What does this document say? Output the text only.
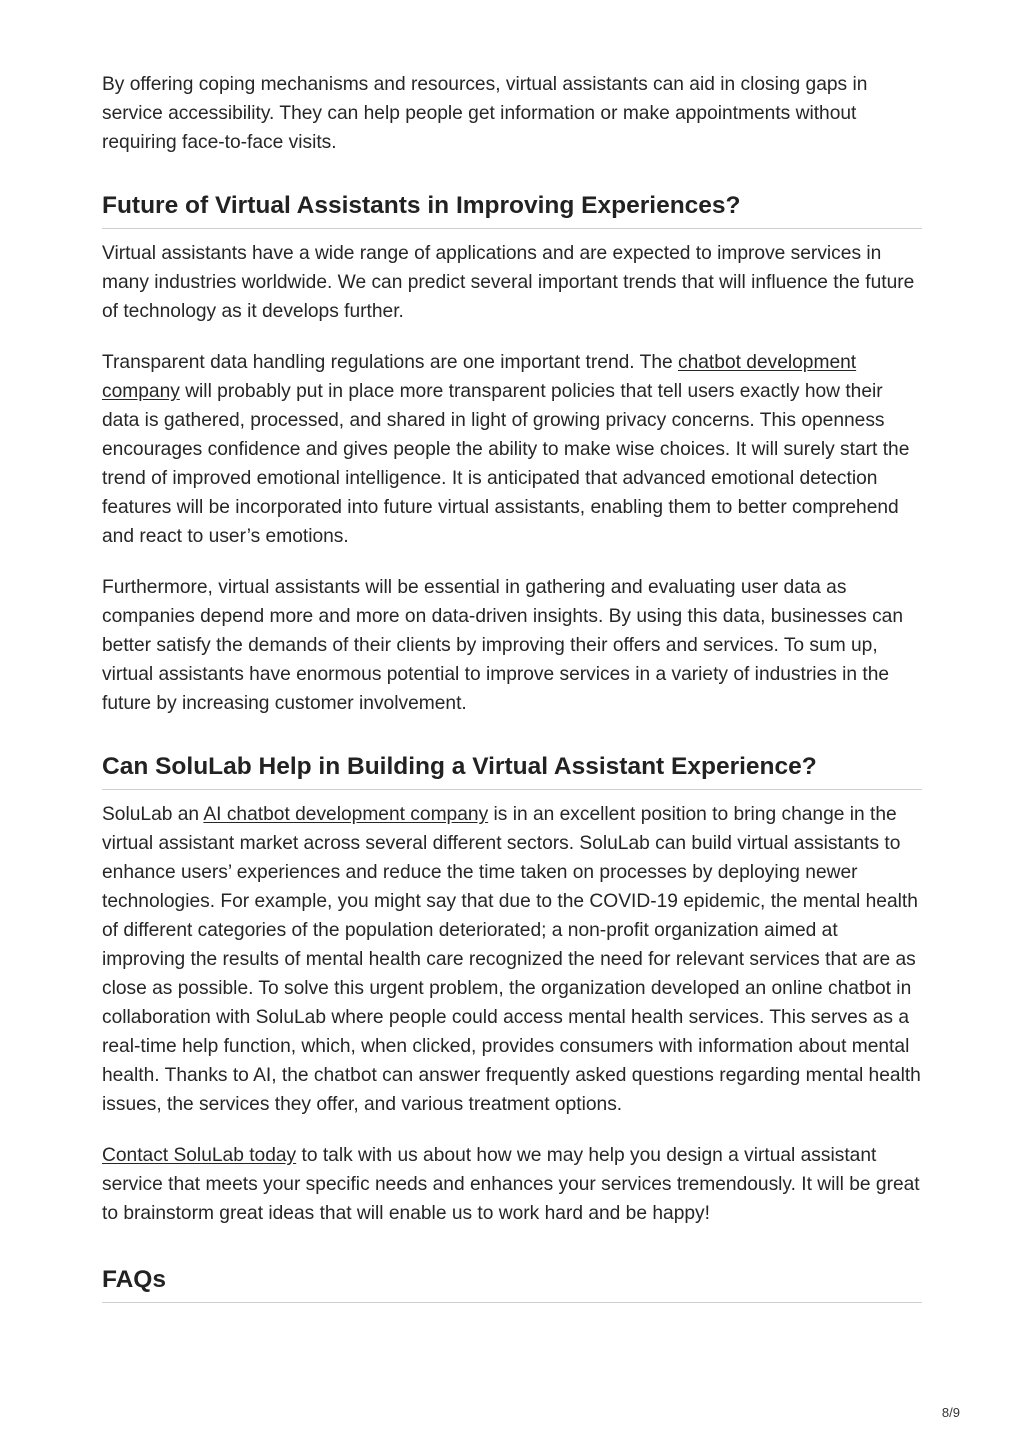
By offering coping mechanisms and resources, virtual assistants can aid in closing gaps in service accessibility. They can help people get information or make appointments without requiring face-to-face visits.

Future of Virtual Assistants in Improving Experiences?

Virtual assistants have a wide range of applications and are expected to improve services in many industries worldwide. We can predict several important trends that will influence the future of technology as it develops further.

Transparent data handling regulations are one important trend. The chatbot development company will probably put in place more transparent policies that tell users exactly how their data is gathered, processed, and shared in light of growing privacy concerns. This openness encourages confidence and gives people the ability to make wise choices. It will surely start the trend of improved emotional intelligence. It is anticipated that advanced emotional detection features will be incorporated into future virtual assistants, enabling them to better comprehend and react to user’s emotions.

Furthermore, virtual assistants will be essential in gathering and evaluating user data as companies depend more and more on data-driven insights. By using this data, businesses can better satisfy the demands of their clients by improving their offers and services. To sum up, virtual assistants have enormous potential to improve services in a variety of industries in the future by increasing customer involvement.

Can SoluLab Help in Building a Virtual Assistant Experience?

SoluLab an AI chatbot development company is in an excellent position to bring change in the virtual assistant market across several different sectors. SoluLab can build virtual assistants to enhance users’ experiences and reduce the time taken on processes by deploying newer technologies. For example, you might say that due to the COVID-19 epidemic, the mental health of different categories of the population deteriorated; a non-profit organization aimed at improving the results of mental health care recognized the need for relevant services that are as close as possible. To solve this urgent problem, the organization developed an online chatbot in collaboration with SoluLab where people could access mental health services. This serves as a real-time help function, which, when clicked, provides consumers with information about mental health. Thanks to AI, the chatbot can answer frequently asked questions regarding mental health issues, the services they offer, and various treatment options.

Contact SoluLab today to talk with us about how we may help you design a virtual assistant service that meets your specific needs and enhances your services tremendously. It will be great to brainstorm great ideas that will enable us to work hard and be happy!

FAQs
8/9
